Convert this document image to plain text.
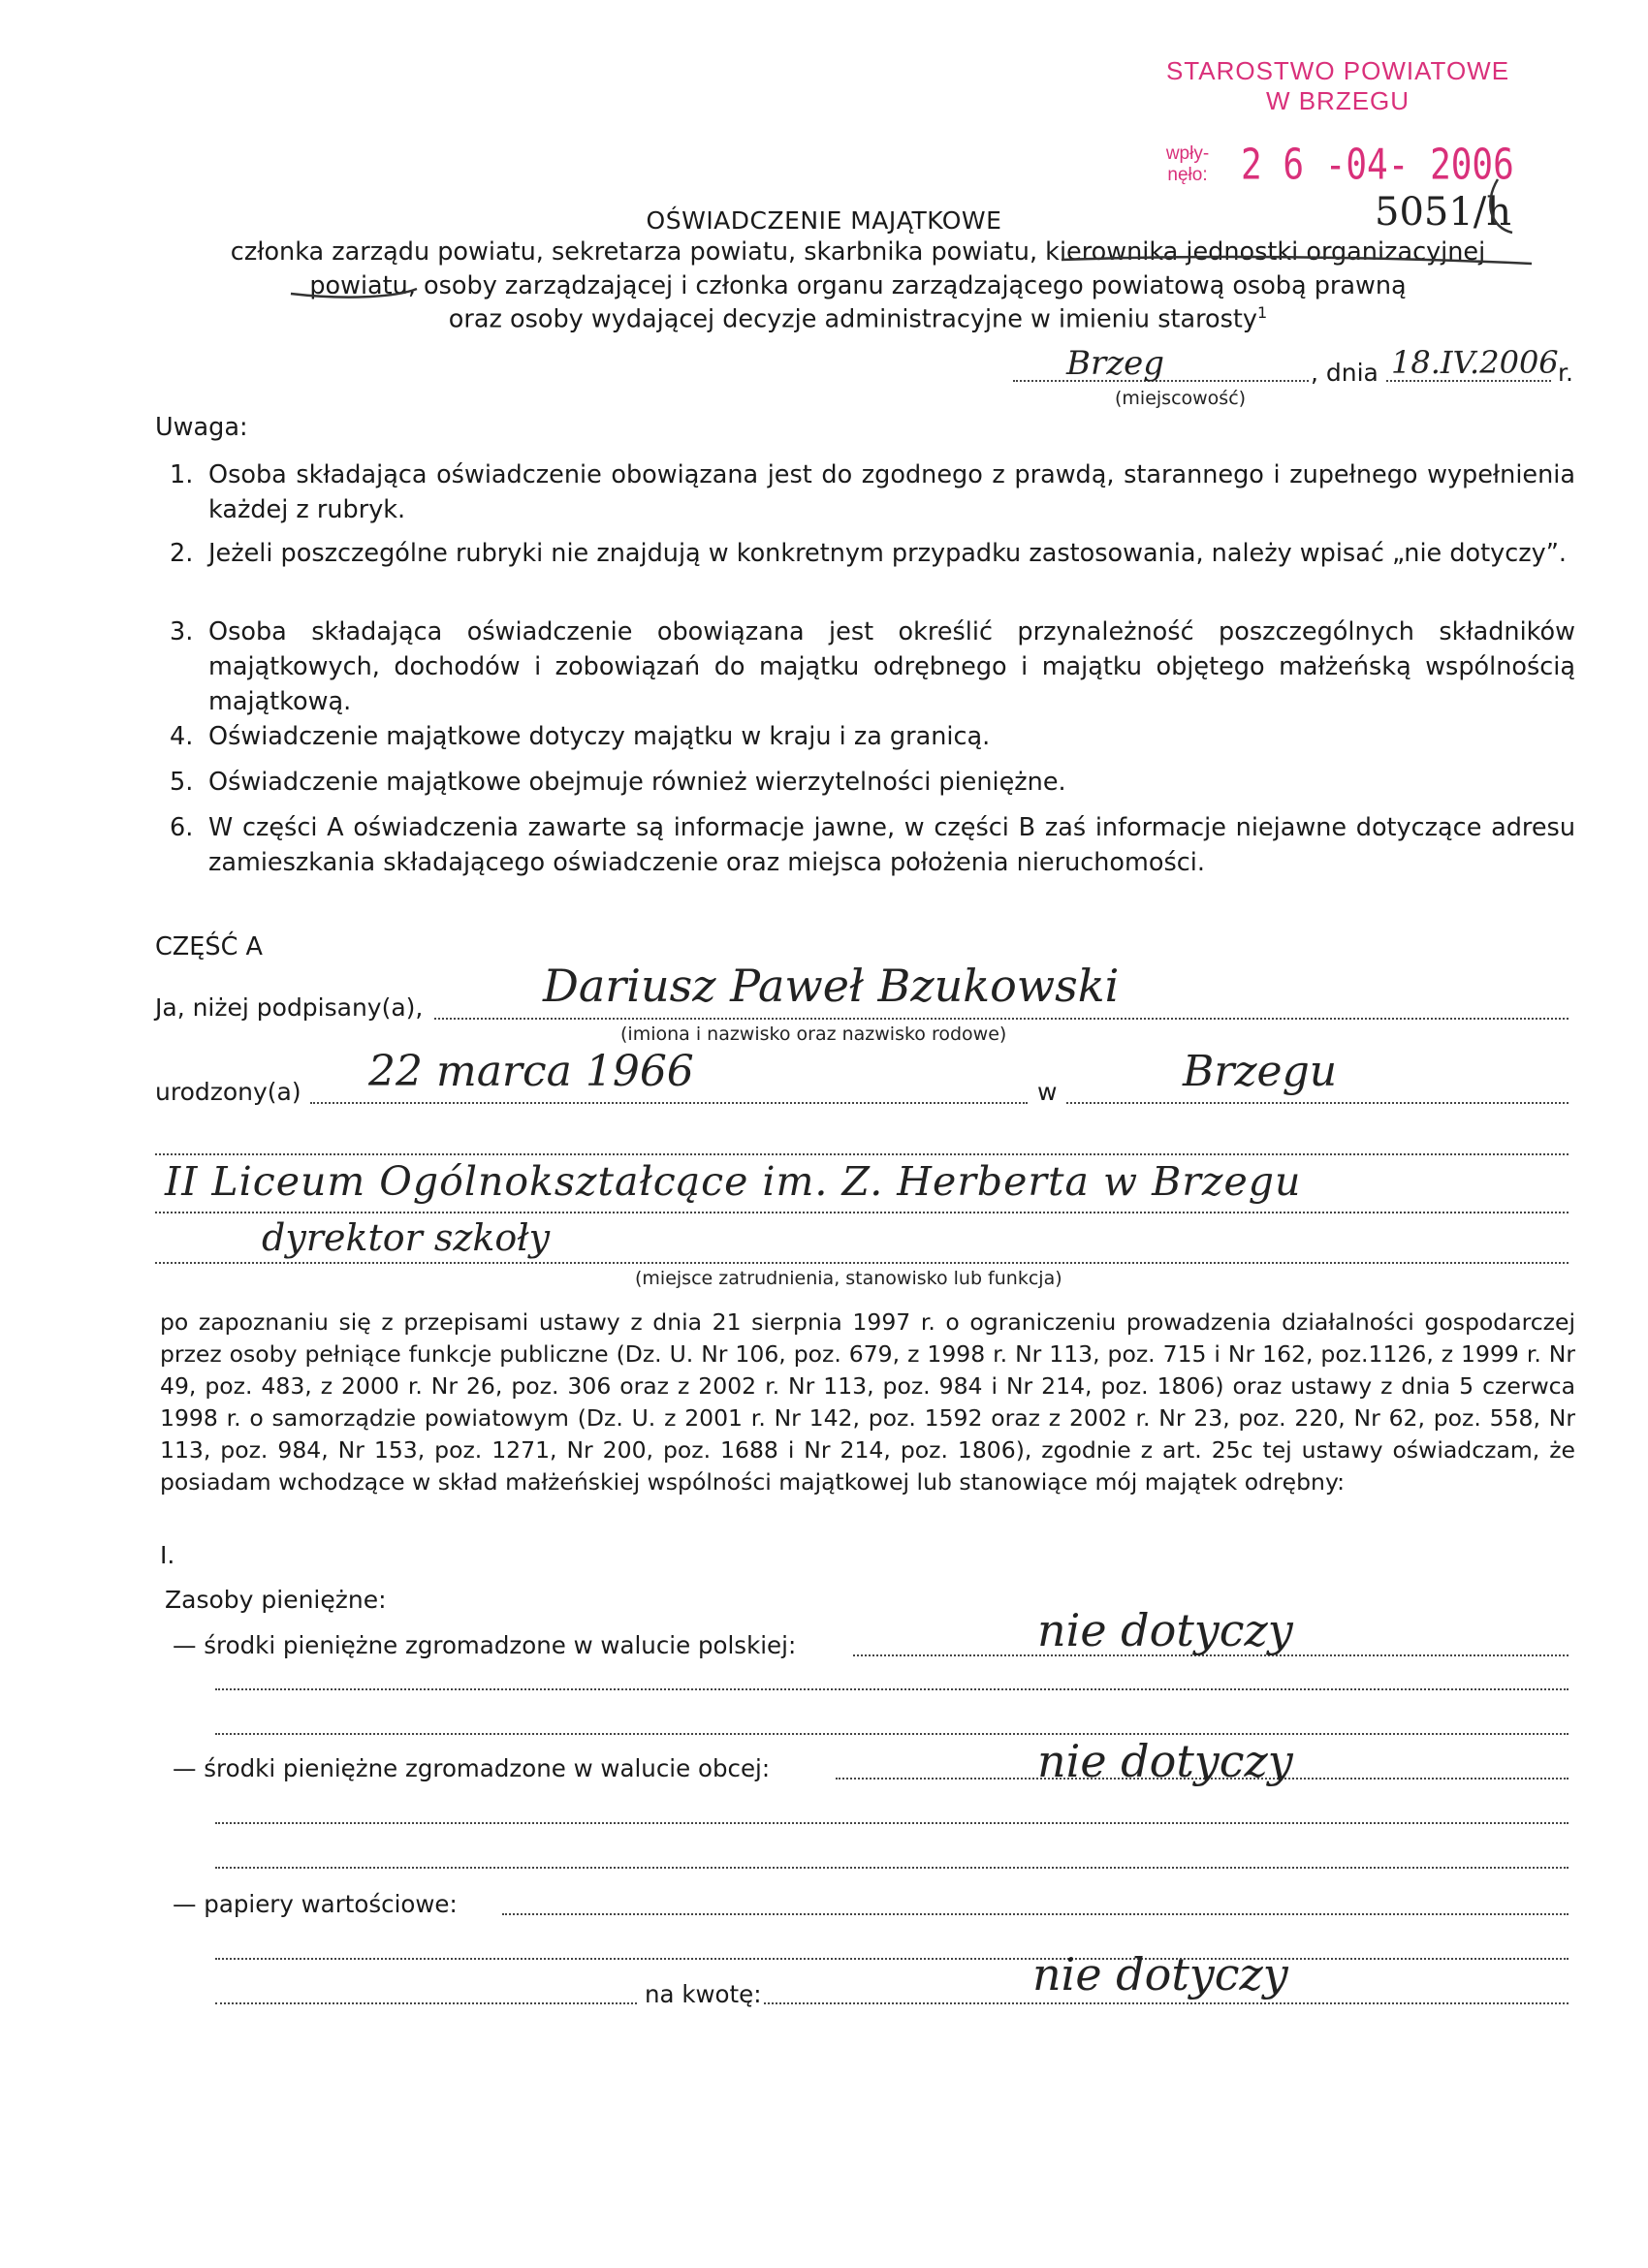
STAROSTWO POWIATOWE
W BRZEGU
wpły-
nęło: 2 6 -04- 2006
5051/h
OŚWIADCZENIE MAJĄTKOWE
członka zarządu powiatu, sekretarza powiatu, skarbnika powiatu, kierownika jednostki organizacyjnej
powiatu, osoby zarządzającej i członka organu zarządzającego powiatową osobą prawną
oraz osoby wydającej decyzje administracyjne w imieniu starosty$^1$
Brzeg	, dnia 18.IV.2006 r.
(miejscowość)
Uwaga:
1. Osoba składająca oświadczenie obowiązana jest do zgodnego z prawdą, starannego i zupełnego wypełnienia każdej z rubryk.
2. Jeżeli poszczególne rubryki nie znajdują w konkretnym przypadku zastosowania, należy wpisać „nie dotyczy”.
3. Osoba składająca oświadczenie obowiązana jest określić przynależność poszczególnych składników majątkowych, dochodów i zobowiązań do majątku odrębnego i majątku objętego małżeńską wspólnością majątkową.
4. Oświadczenie majątkowe dotyczy majątku w kraju i za granicą.
5. Oświadczenie majątkowe obejmuje również wierzytelności pieniężne.
6. W części A oświadczenia zawarte są informacje jawne, w części B zaś informacje niejawne dotyczące adresu zamieszkania składającego oświadczenie oraz miejsca położenia nieruchomości.
CZĘŚĆ A
Ja, niżej podpisany(a),	Dariusz Paweł Bzukowski
(imiona i nazwisko oraz nazwisko rodowe)
urodzony(a) 22 marca 1966	w	Brzegu
II Liceum Ogólnokształcące im. Z. Herberta w Brzegu
dyrektor szkoły
(miejsce zatrudnienia, stanowisko lub funkcja)
po zapoznaniu się z przepisami ustawy z dnia 21 sierpnia 1997 r. o ograniczeniu prowadzenia działalności gospodarczej przez osoby pełniące funkcje publiczne (Dz. U. Nr 106, poz. 679, z 1998 r. Nr 113, poz. 715 i Nr 162, poz.1126, z 1999 r. Nr 49, poz. 483, z 2000 r. Nr 26, poz. 306 oraz z 2002 r. Nr 113, poz. 984 i Nr 214, poz. 1806) oraz ustawy z dnia 5 czerwca 1998 r. o samorządzie powiatowym (Dz. U. z 2001 r. Nr 142, poz. 1592 oraz z 2002 r. Nr 23, poz. 220, Nr 62, poz. 558, Nr 113, poz. 984, Nr 153, poz. 1271, Nr 200, poz. 1688 i Nr 214, poz. 1806), zgodnie z art. 25c tej ustawy oświadczam, że posiadam wchodzące w skład małżeńskiej wspólności majątkowej lub stanowiące mój majątek odrębny:
I.
Zasoby pieniężne:
— środki pieniężne zgromadzone w walucie polskiej:	nie dotyczy
— środki pieniężne zgromadzone w walucie obcej:	nie dotyczy
— papiery wartościowe:
na kwotę:	nie dotyczy
